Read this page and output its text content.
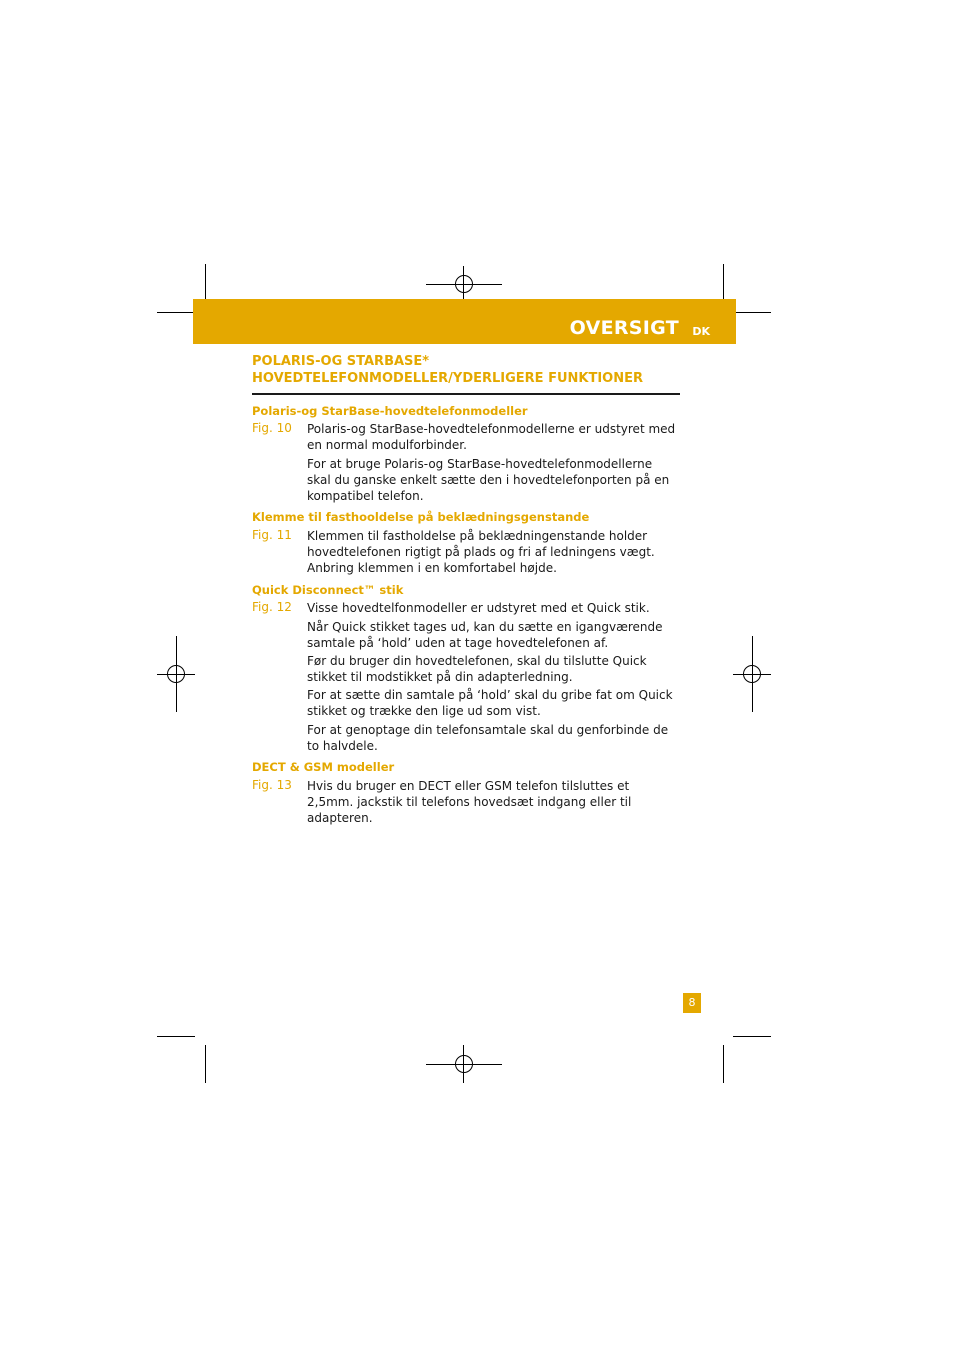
OVERSIGT DK
POLARIS-OG STARBASE*
HOVEDTELEFONMODELLER/YDERLIGERE FUNKTIONER
Polaris-og StarBase-hovedtelefonmodeller
Fig. 10 Polaris-og StarBase-hovedtelefonmodellerne er udstyret med en normal modulforbinder.
For at bruge Polaris-og StarBase-hovedtelefonmodellerne skal du ganske enkelt sætte den i hovedtelefonporten på en kompatibel telefon.
Klemme til fasthooldelse på beklædningsgenstande
Fig. 11 Klemmen til fastholdelse på beklædningenstande holder hovedtelefonen rigtigt på plads og fri af ledningens vægt. Anbring klemmen i en komfortabel højde.
Quick Disconnect™ stik
Fig. 12 Visse hovedtelfonmodeller er udstyret med et Quick stik.
Når Quick stikket tages ud, kan du sætte en igangværende samtale på ‘hold’ uden at tage hovedtelefonen af.
Før du bruger din hovedtelefonen, skal du tilslutte Quick stikket til modstikket på din adapterledning.
For at sætte din samtale på ‘hold’ skal du gribe fat om Quick stikket og trække den lige ud som vist.
For at genoptage din telefonsamtale skal du genforbinde de to halvdele.
DECT & GSM modeller
Fig. 13 Hvis du bruger en DECT eller GSM telefon tilsluttes et 2,5mm. jackstik til telefons hovedsæt indgang eller til adapteren.
8
